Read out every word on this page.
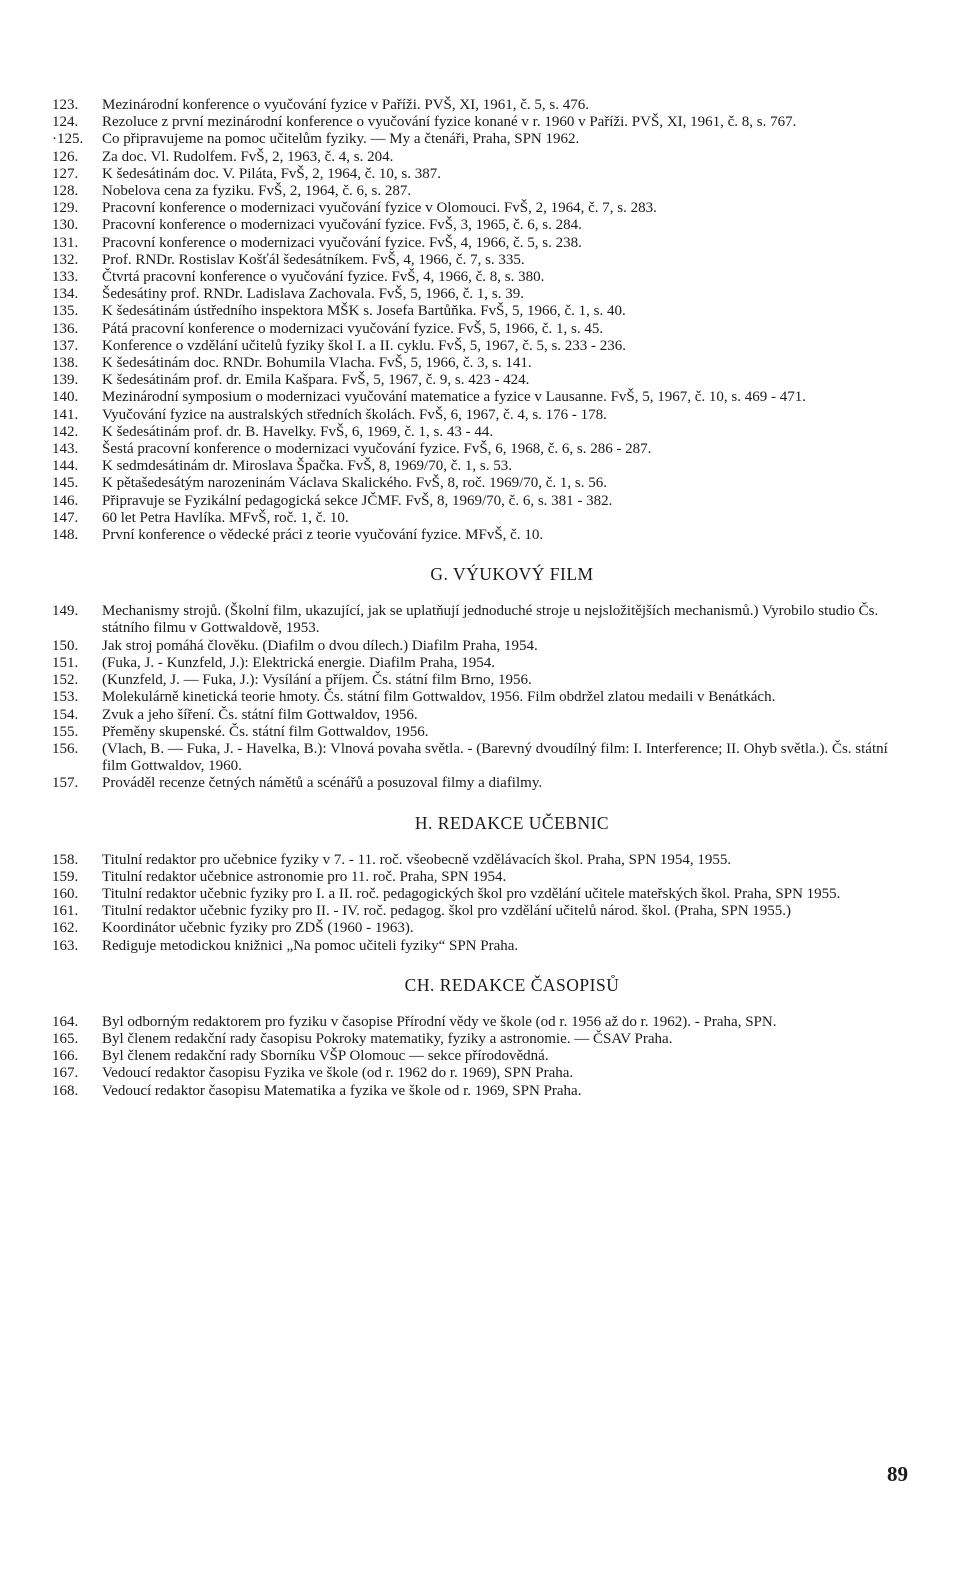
123.	Mezinárodní konference o vyučování fyzice v Paříži. PVŠ, XI, 1961, č. 5, s. 476.
124.	Rezoluce z první mezinárodní konference o vyučování fyzice konané v r. 1960 v Paříži. PVŠ, XI, 1961, č. 8, s. 767.
·125.	Co připravujeme na pomoc učitelům fyziky. — My a čtenáři, Praha, SPN 1962.
126.	Za doc. Vl. Rudolfem. FvŠ, 2, 1963, č. 4, s. 204.
127.	K šedesátinám doc. V. Piláta, FvŠ, 2, 1964, č. 10, s. 387.
128.	Nobelova cena za fyziku. FvŠ, 2, 1964, č. 6, s. 287.
129.	Pracovní konference o modernizaci vyučování fyzice v Olomouci. FvŠ, 2, 1964, č. 7, s. 283.
130.	Pracovní konference o modernizaci vyučování fyzice. FvŠ, 3, 1965, č. 6, s. 284.
131.	Pracovní konference o modernizaci vyučování fyzice. FvŠ, 4, 1966, č. 5, s. 238.
132.	Prof. RNDr. Rostislav Košťál šedesátníkem. FvŠ, 4, 1966, č. 7, s. 335.
133.	Čtvrtá pracovní konference o vyučování fyzice. FvŠ, 4, 1966, č. 8, s. 380.
134.	Šedesátiny prof. RNDr. Ladislava Zachovala. FvŠ, 5, 1966, č. 1, s. 39.
135.	K šedesátinám ústředního inspektora MŠK s. Josefa Bartůňka. FvŠ, 5, 1966, č. 1, s. 40.
136.	Pátá pracovní konference o modernizaci vyučování fyzice. FvŠ, 5, 1966, č. 1, s. 45.
137.	Konference o vzdělání učitelů fyziky škol I. a II. cyklu. FvŠ, 5, 1967, č. 5, s. 233 - 236.
138.	K šedesátinám doc. RNDr. Bohumila Vlacha. FvŠ, 5, 1966, č. 3, s. 141.
139.	K šedesátinám prof. dr. Emila Kašpara. FvŠ, 5, 1967, č. 9, s. 423 - 424.
140.	Mezinárodní symposium o modernizaci vyučování matematice a fyzice v Lausanne. FvŠ, 5, 1967, č. 10, s. 469 - 471.
141.	Vyučování fyzice na australských středních školách. FvŠ, 6, 1967, č. 4, s. 176 - 178.
142.	K šedesátinám prof. dr. B. Havelky. FvŠ, 6, 1969, č. 1, s. 43 - 44.
143.	Šestá pracovní konference o modernizaci vyučování fyzice. FvŠ, 6, 1968, č. 6, s. 286 - 287.
144.	K sedmdesátinám dr. Miroslava Špačka. FvŠ, 8, 1969/70, č. 1, s. 53.
145.	K pětašedesátým narozeninám Václava Skalického. FvŠ, 8, roč. 1969/70, č. 1, s. 56.
146.	Připravuje se Fyzikální pedagogická sekce JČMF. FvŠ, 8, 1969/70, č. 6, s. 381 - 382.
147.	60 let Petra Havlíka. MFvŠ, roč. 1, č. 10.
148.	První konference o vědecké práci z teorie vyučování fyzice. MFvŠ, č. 10.
G. VÝUKOVÝ FILM
149.	Mechanismy strojů. (Školní film, ukazující, jak se uplatňují jednoduché stroje u nejsložitějších mechanismů.) Vyrobilo studio Čs. státního filmu v Gottwaldově, 1953.
150.	Jak stroj pomáhá člověku. (Diafilm o dvou dílech.) Diafilm Praha, 1954.
151.	(Fuka, J. - Kunzfeld, J.): Elektrická energie. Diafilm Praha, 1954.
152.	(Kunzfeld, J. — Fuka, J.): Vysílání a příjem. Čs. státní film Brno, 1956.
153.	Molekulárně kinetická teorie hmoty. Čs. státní film Gottwaldov, 1956. Film obdržel zlatou medaili v Benátkách.
154.	Zvuk a jeho šíření. Čs. státní film Gottwaldov, 1956.
155.	Přeměny skupenské. Čs. státní film Gottwaldov, 1956.
156.	(Vlach, B. — Fuka, J. - Havelka, B.): Vlnová povaha světla. - (Barevný dvoudílný film: I. Interference; II. Ohyb světla.). Čs. státní film Gottwaldov, 1960.
157.	Prováděl recenze četných námětů a scénářů a posuzoval filmy a diafilmy.
H. REDAKCE UČEBNIC
158.	Titulní redaktor pro učebnice fyziky v 7. - 11. roč. všeobecně vzdělávacích škol. Praha, SPN 1954, 1955.
159.	Titulní redaktor učebnice astronomie pro 11. roč. Praha, SPN 1954.
160.	Titulní redaktor učebnic fyziky pro I. a II. roč. pedagogických škol pro vzdělání učitele mateřských škol. Praha, SPN 1955.
161.	Titulní redaktor učebnic fyziky pro II. - IV. roč. pedagog. škol pro vzdělání učitelů národ. škol. (Praha, SPN 1955.)
162.	Koordinátor učebnic fyziky pro ZDŠ (1960 - 1963).
163.	Rediguje metodickou knižnici „Na pomoc učiteli fyziky“ SPN Praha.
CH. REDAKCE ČASOPISŮ
164.	Byl odborným redaktorem pro fyziku v časopise Přírodní vědy ve škole (od r. 1956 až do r. 1962). - Praha, SPN.
165.	Byl členem redakční rady časopisu Pokroky matematiky, fyziky a astronomie. — ČSAV Praha.
166.	Byl členem redakční rady Sborníku VŠP Olomouc — sekce přírodovědná.
167.	Vedoucí redaktor časopisu Fyzika ve škole (od r. 1962 do r. 1969), SPN Praha.
168.	Vedoucí redaktor časopisu Matematika a fyzika ve škole od r. 1969, SPN Praha.
89
